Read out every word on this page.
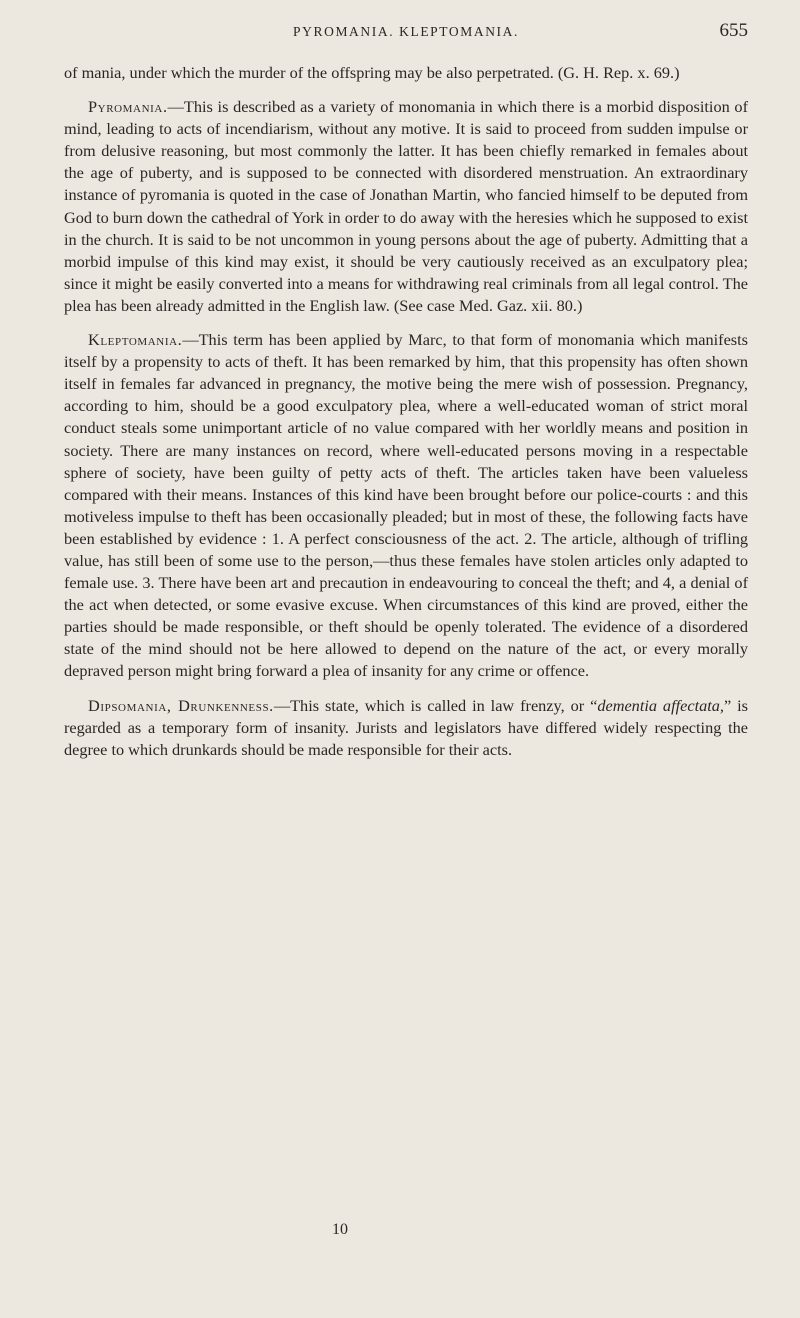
PYROMANIA. KLEPTOMANIA.	655

of mania, under which the murder of the offspring may be also perpetrated. (G. H. Rep. x. 69.)

Pyromania.—This is described as a variety of monomania in which there is a morbid disposition of mind, leading to acts of incendiarism, without any motive. It is said to proceed from sudden impulse or from delusive reasoning, but most commonly the latter. It has been chiefly remarked in females about the age of puberty, and is supposed to be connected with disordered menstruation. An extraordinary instance of pyromania is quoted in the case of Jonathan Martin, who fancied himself to be deputed from God to burn down the cathedral of York in order to do away with the heresies which he supposed to exist in the church. It is said to be not uncommon in young persons about the age of puberty. Admitting that a morbid impulse of this kind may exist, it should be very cautiously received as an exculpatory plea; since it might be easily converted into a means for withdrawing real criminals from all legal control. The plea has been already admitted in the English law. (See case Med. Gaz. xii. 80.)

Kleptomania.—This term has been applied by Marc, to that form of monomania which manifests itself by a propensity to acts of theft. It has been remarked by him, that this propensity has often shown itself in females far advanced in pregnancy, the motive being the mere wish of possession. Pregnancy, according to him, should be a good exculpatory plea, where a well-educated woman of strict moral conduct steals some unimportant article of no value compared with her worldly means and position in society. There are many instances on record, where well-educated persons moving in a respectable sphere of society, have been guilty of petty acts of theft. The articles taken have been valueless compared with their means. Instances of this kind have been brought before our police-courts : and this motiveless impulse to theft has been occasionally pleaded; but in most of these, the following facts have been established by evidence : 1. A perfect consciousness of the act. 2. The article, although of trifling value, has still been of some use to the person,—thus these females have stolen articles only adapted to female use. 3. There have been art and precaution in endeavouring to conceal the theft; and 4, a denial of the act when detected, or some evasive excuse. When circumstances of this kind are proved, either the parties should be made responsible, or theft should be openly tolerated. The evidence of a disordered state of the mind should not be here allowed to depend on the nature of the act, or every morally depraved person might bring forward a plea of insanity for any crime or offence.

Dipsomania, Drunkenness.—This state, which is called in law frenzy, or “dementia affectata,” is regarded as a temporary form of insanity. Jurists and legislators have differed widely respecting the degree to which drunkards should be made responsible for their acts.

10
